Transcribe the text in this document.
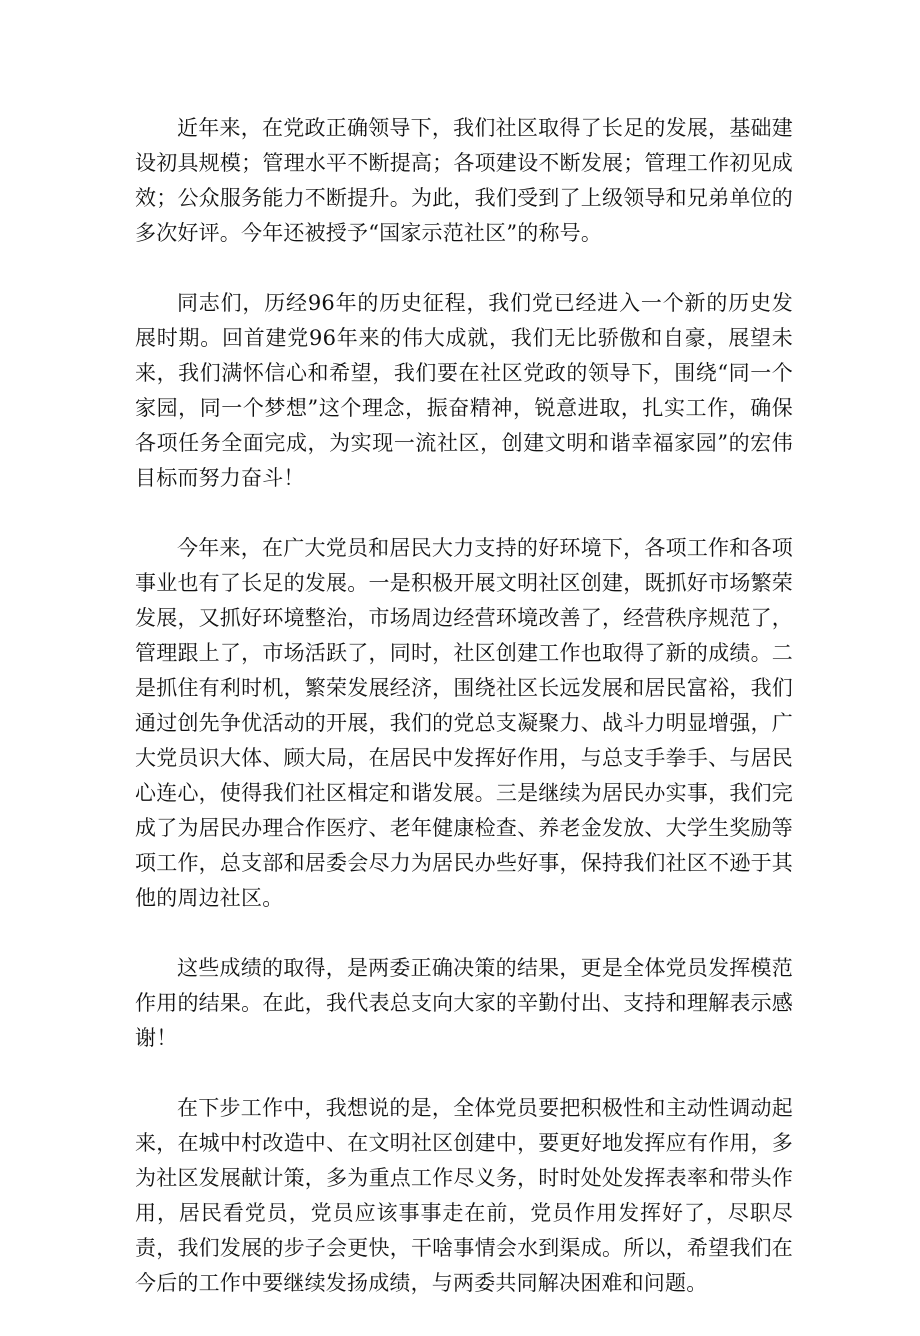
近年来，在党政正确领导下，我们社区取得了长足的发展，基础建设初具规模；管理水平不断提高；各项建设不断发展；管理工作初见成效；公众服务能力不断提升。为此，我们受到了上级领导和兄弟单位的多次好评。今年还被授予“国家示范社区”的称号。

同志们，历经96年的历史征程，我们党已经进入一个新的历史发展时期。回首建党96年来的伟大成就，我们无比骄傲和自豪，展望未来，我们满怀信心和希望，我们要在社区党政的领导下，围绕“同一个家园，同一个梦想”这个理念，振奋精神，锐意进取，扎实工作，确保各项任务全面完成，为实现一流社区，创建文明和谐幸福家园”的宏伟目标而努力奋斗！

今年来，在广大党员和居民大力支持的好环境下，各项工作和各项事业也有了长足的发展。一是积极开展文明社区创建，既抓好市场繁荣发展，又抓好环境整治，市场周边经营环境改善了，经营秩序规范了，管理跟上了，市场活跃了，同时，社区创建工作也取得了新的成绩。二是抓住有利时机，繁荣发展经济，围绕社区长远发展和居民富裕，我们通过创先争优活动的开展，我们的党总支凝聚力、战斗力明显增强，广大党员识大体、顾大局，在居民中发挥好作用，与总支手拳手、与居民心连心，使得我们社区楫定和谐发展。三是继续为居民办实事，我们完成了为居民办理合作医疗、老年健康检查、养老金发放、大学生奖励等项工作，总支部和居委会尽力为居民办些好事，保持我们社区不逊于其他的周边社区。

这些成绩的取得，是两委正确决策的结果，更是全体党员发挥模范作用的结果。在此，我代表总支向大家的辛勤付出、支持和理解表示感谢！

在下步工作中，我想说的是，全体党员要把积极性和主动性调动起来，在城中村改造中、在文明社区创建中，要更好地发挥应有作用，多为社区发展献计策，多为重点工作尽义务，时时处处发挥表率和带头作用，居民看党员，党员应该事事走在前，党员作用发挥好了，尽职尽责，我们发展的步子会更快，干啥事情会水到渠成。所以，希望我们在今后的工作中要继续发扬成绩，与两委共同解决困难和问题。
